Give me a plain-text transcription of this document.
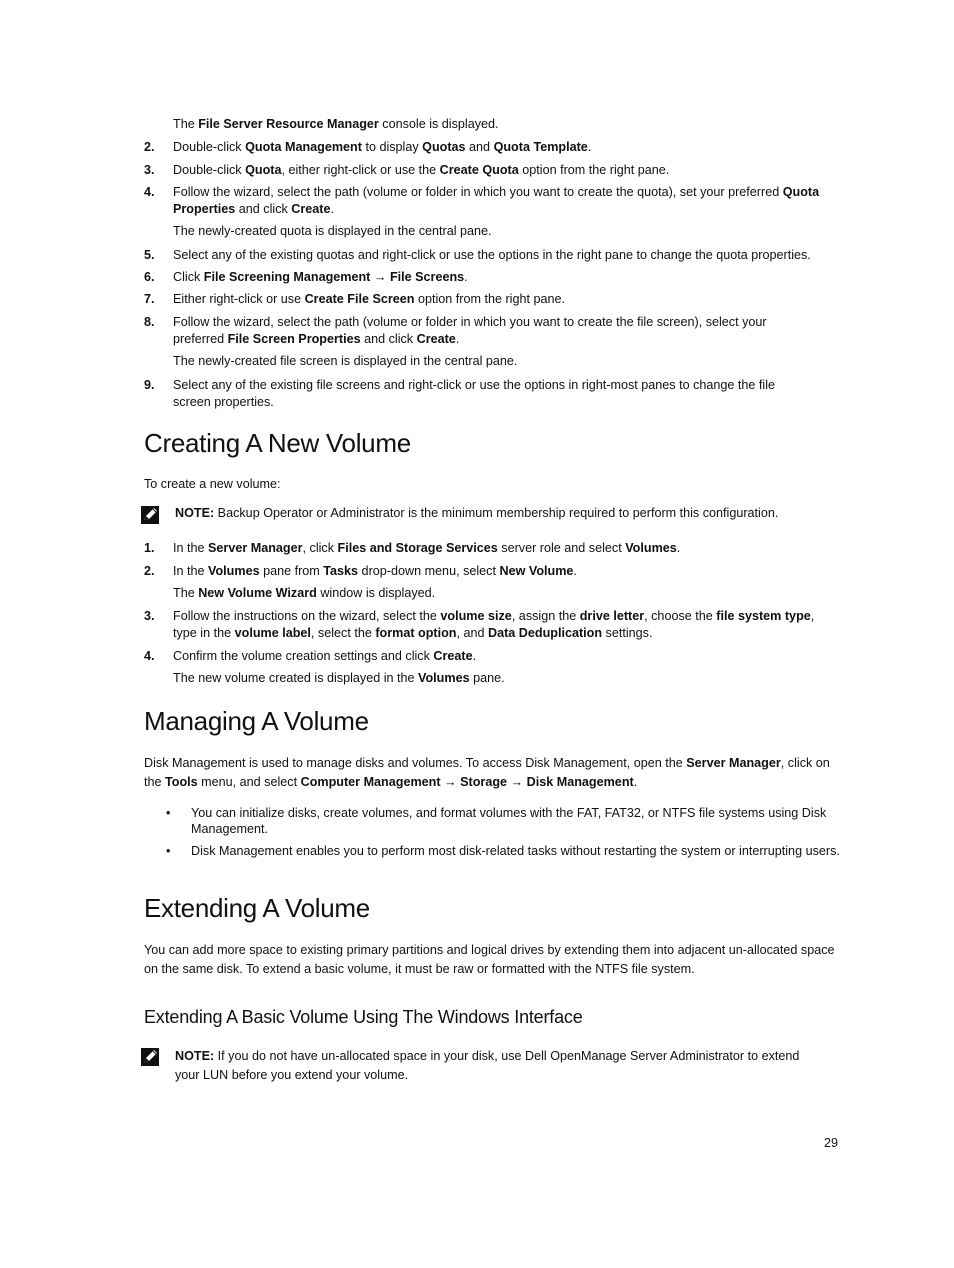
The File Server Resource Manager console is displayed.
2.	Double-click Quota Management to display Quotas and Quota Template.
3.	Double-click Quota, either right-click or use the Create Quota option from the right pane.
4.	Follow the wizard, select the path (volume or folder in which you want to create the quota), set your preferred Quota Properties and click Create.
The newly-created quota is displayed in the central pane.
5.	Select any of the existing quotas and right-click or use the options in the right pane to change the quota properties.
6.	Click File Screening Management → File Screens.
7.	Either right-click or use Create File Screen option from the right pane.
8.	Follow the wizard, select the path (volume or folder in which you want to create the file screen), select your preferred File Screen Properties and click Create.
The newly-created file screen is displayed in the central pane.
9.	Select any of the existing file screens and right-click or use the options in right-most panes to change the file screen properties.
Creating A New Volume
To create a new volume:
NOTE: Backup Operator or Administrator is the minimum membership required to perform this configuration.
1.	In the Server Manager, click Files and Storage Services server role and select Volumes.
2.	In the Volumes pane from Tasks drop-down menu, select New Volume.
The New Volume Wizard window is displayed.
3.	Follow the instructions on the wizard, select the volume size, assign the drive letter, choose the file system type, type in the volume label, select the format option, and Data Deduplication settings.
4.	Confirm the volume creation settings and click Create.
The new volume created is displayed in the Volumes pane.
Managing A Volume
Disk Management is used to manage disks and volumes. To access Disk Management, open the Server Manager, click on the Tools menu, and select Computer Management → Storage → Disk Management.
•	You can initialize disks, create volumes, and format volumes with the FAT, FAT32, or NTFS file systems using Disk Management.
•	Disk Management enables you to perform most disk-related tasks without restarting the system or interrupting users.
Extending A Volume
You can add more space to existing primary partitions and logical drives by extending them into adjacent un-allocated space on the same disk. To extend a basic volume, it must be raw or formatted with the NTFS file system.
Extending A Basic Volume Using The Windows Interface
NOTE: If you do not have un-allocated space in your disk, use Dell OpenManage Server Administrator to extend your LUN before you extend your volume.
29
